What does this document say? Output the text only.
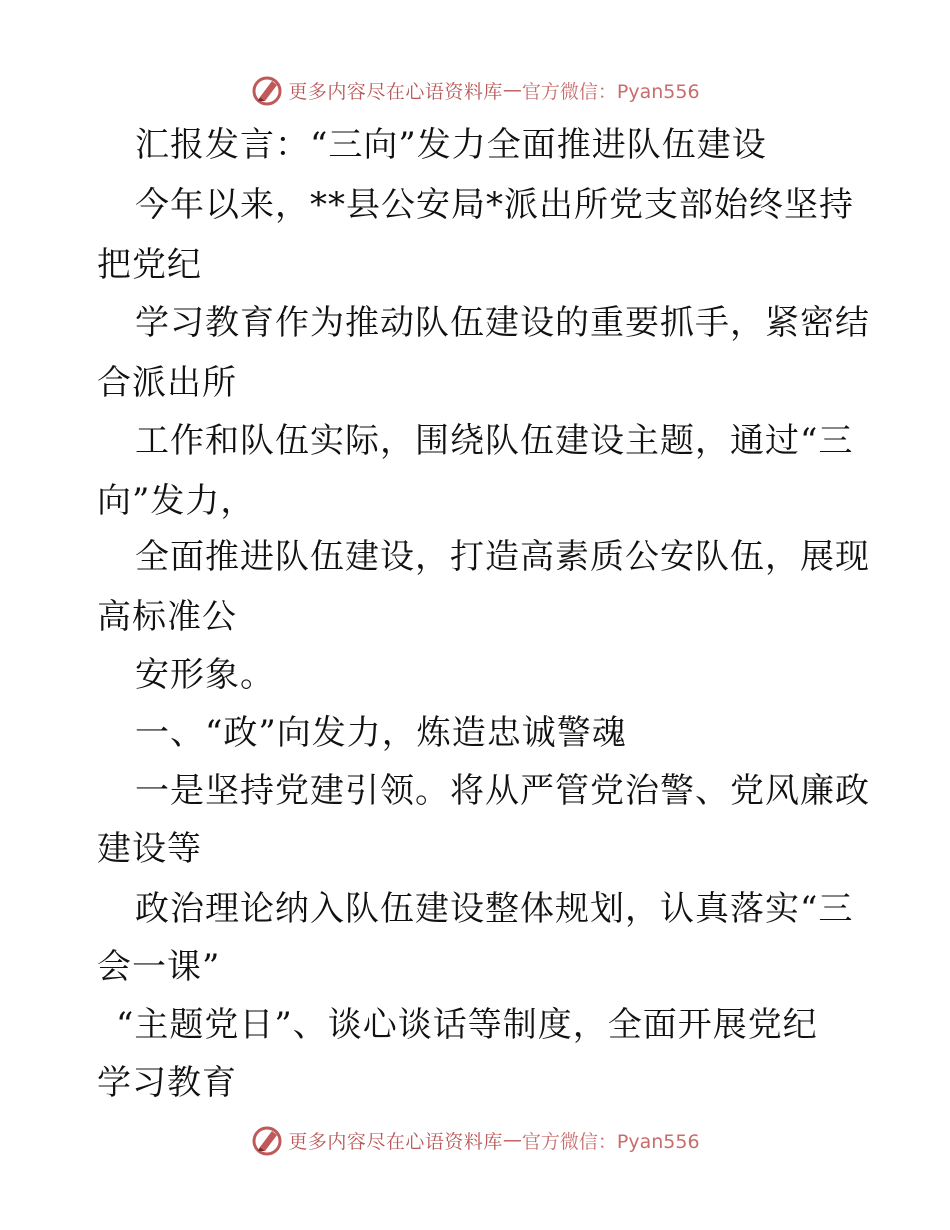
更多内容尽在心语资料库 — 官方微信：Pyan556
汇报发言：“三向”发力全面推进队伍建设
今年以来，**县公安局*派出所党支部始终坚持
把党纪
学习教育作为推动队伍建设的重要抓手，紧密结
合派出所
工作和队伍实际，围绕队伍建设主题，通过“三
向”发力，
全面推进队伍建设，打造高素质公安队伍，展现
高标准公
安形象。
一、“政”向发力，炼造忠诚警魂
一是坚持党建引领。将从严管党治警、党风廉政
建设等
政治理论纳入队伍建设整体规划，认真落实“三
会一课”
“主题党日”、谈心谈话等制度，全面开展党纪
学习教育
更多内容尽在心语资料库 — 官方微信：Pyan556
